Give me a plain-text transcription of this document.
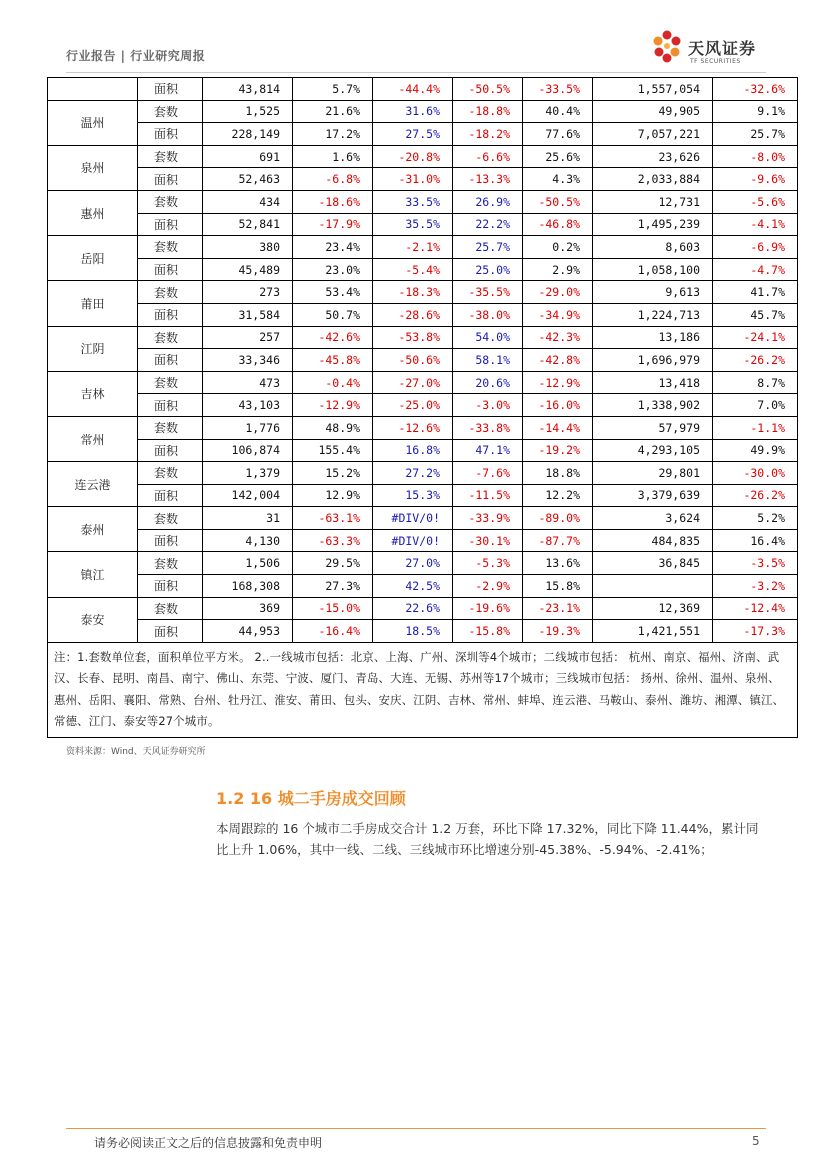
行业报告 | 行业研究周报	天风证券
TF SECURITIES
	面积	43,814	5.7%	-44.4%	-50.5%	-33.5%	1,557,054	-32.6%
温州	套数	1,525	21.6%	31.6%	-18.8%	40.4%	49,905	9.1%
	面积	228,149	17.2%	27.5%	-18.2%	77.6%	7,057,221	25.7%
泉州	套数	691	1.6%	-20.8%	-6.6%	25.6%	23,626	-8.0%
	面积	52,463	-6.8%	-31.0%	-13.3%	4.3%	2,033,884	-9.6%
惠州	套数	434	-18.6%	33.5%	26.9%	-50.5%	12,731	-5.6%
	面积	52,841	-17.9%	35.5%	22.2%	-46.8%	1,495,239	-4.1%
岳阳	套数	380	23.4%	-2.1%	25.7%	0.2%	8,603	-6.9%
	面积	45,489	23.0%	-5.4%	25.0%	2.9%	1,058,100	-4.7%
莆田	套数	273	53.4%	-18.3%	-35.5%	-29.0%	9,613	41.7%
	面积	31,584	50.7%	-28.6%	-38.0%	-34.9%	1,224,713	45.7%
江阴	套数	257	-42.6%	-53.8%	54.0%	-42.3%	13,186	-24.1%
	面积	33,346	-45.8%	-50.6%	58.1%	-42.8%	1,696,979	-26.2%
吉林	套数	473	-0.4%	-27.0%	20.6%	-12.9%	13,418	8.7%
	面积	43,103	-12.9%	-25.0%	-3.0%	-16.0%	1,338,902	7.0%
常州	套数	1,776	48.9%	-12.6%	-33.8%	-14.4%	57,979	-1.1%
	面积	106,874	155.4%	16.8%	47.1%	-19.2%	4,293,105	49.9%
连云港	套数	1,379	15.2%	27.2%	-7.6%	18.8%	29,801	-30.0%
	面积	142,004	12.9%	15.3%	-11.5%	12.2%	3,379,639	-26.2%
泰州	套数	31	-63.1%	#DIV/0!	-33.9%	-89.0%	3,624	5.2%
	面积	4,130	-63.3%	#DIV/0!	-30.1%	-87.7%	484,835	16.4%
镇江	套数	1,506	29.5%	27.0%	-5.3%	13.6%	36,845	-3.5%
	面积	168,308	27.3%	42.5%	-2.9%	15.8%		-3.2%
泰安	套数	369	-15.0%	22.6%	-19.6%	-23.1%	12,369	-12.4%
	面积	44,953	-16.4%	18.5%	-15.8%	-19.3%	1,421,551	-17.3%
注：1.套数单位套，面积单位平方米。 2..一线城市包括：北京、上海、广州、深圳等4个城市；二线城市包括： 杭州、南京、福州、济南、武汉、长春、昆明、南昌、南宁、佛山、东莞、宁波、厦门、青岛、大连、无锡、苏州等17个城市；三线城市包括： 扬州、徐州、温州、泉州、惠州、岳阳、襄阳、常熟、台州、牡丹江、淮安、莆田、包头、安庆、江阴、吉林、常州、蚌埠、连云港、马鞍山、泰州、潍坊、湘潭、镇江、常德、江门、泰安等27个城市。								
资料来源：Wind、天风证券研究所
1.2 16 城二手房成交回顾
本周跟踪的 16 个城市二手房成交合计 1.2 万套，环比下降 17.32%，同比下降 11.44%，累计同比上升 1.06%，其中一线、二线、三线城市环比增速分别-45.38%、-5.94%、-2.41%；
请务必阅读正文之后的信息披露和免责申明	5
